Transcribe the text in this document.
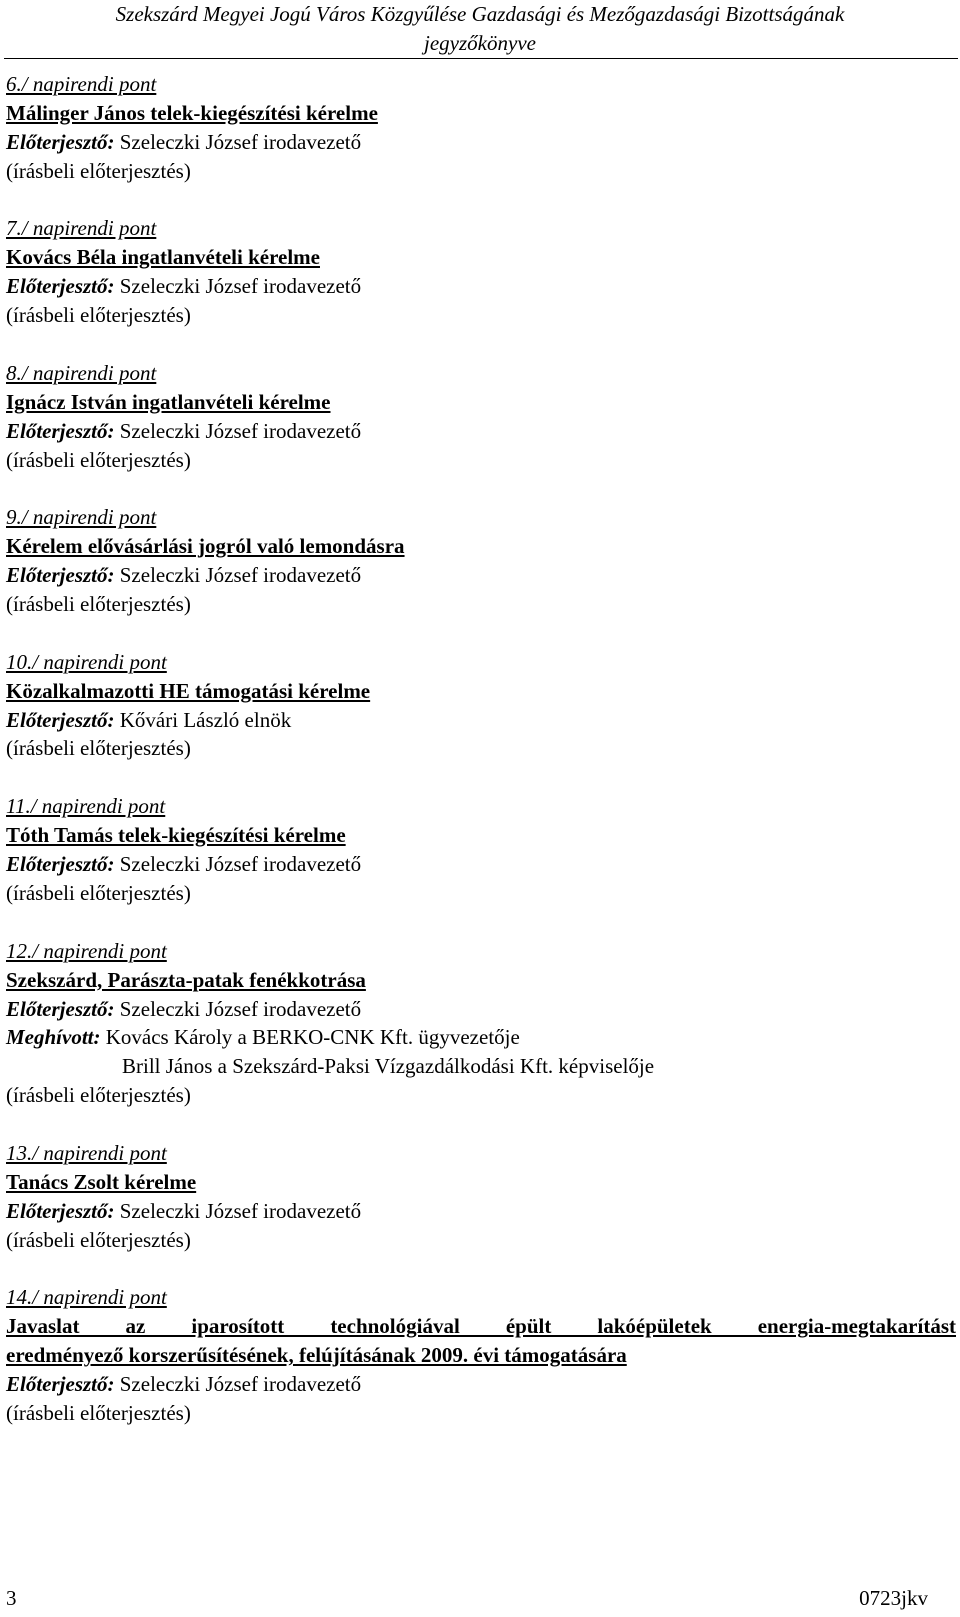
Szekszárd Megyei Jogú Város Közgyűlése Gazdasági és Mezőgazdasági Bizottságának
jegyzőkönyve
6./ napirendi pont
Málinger János telek-kiegészítési kérelme
Előterjesztő: Szeleczki József irodavezető
(írásbeli előterjesztés)
7./ napirendi pont
Kovács Béla ingatlanvételi kérelme
Előterjesztő: Szeleczki József irodavezető
(írásbeli előterjesztés)
8./ napirendi pont
Ignácz István ingatlanvételi kérelme
Előterjesztő: Szeleczki József irodavezető
(írásbeli előterjesztés)
9./ napirendi pont
Kérelem elővásárlási jogról való lemondásra
Előterjesztő: Szeleczki József irodavezető
(írásbeli előterjesztés)
10./ napirendi pont
Közalkalmazotti HE támogatási kérelme
Előterjesztő: Kővári László elnök
(írásbeli előterjesztés)
11./ napirendi pont
Tóth Tamás telek-kiegészítési kérelme
Előterjesztő: Szeleczki József irodavezető
(írásbeli előterjesztés)
12./ napirendi pont
Szekszárd, Parászta-patak fenékkotrása
Előterjesztő: Szeleczki József irodavezető
Meghívott: Kovács Károly a BERKO-CNK Kft. ügyvezetője
Brill János a Szekszárd-Paksi Vízgazdálkodási Kft. képviselője
(írásbeli előterjesztés)
13./ napirendi pont
Tanács Zsolt kérelme
Előterjesztő: Szeleczki József irodavezető
(írásbeli előterjesztés)
14./ napirendi pont
Javaslat az iparosított technológiával épült lakóépületek energia-megtakarítást
eredményező korszerűsítésének, felújításának 2009. évi támogatására
Előterjesztő: Szeleczki József irodavezető
(írásbeli előterjesztés)
3	0723jkv
